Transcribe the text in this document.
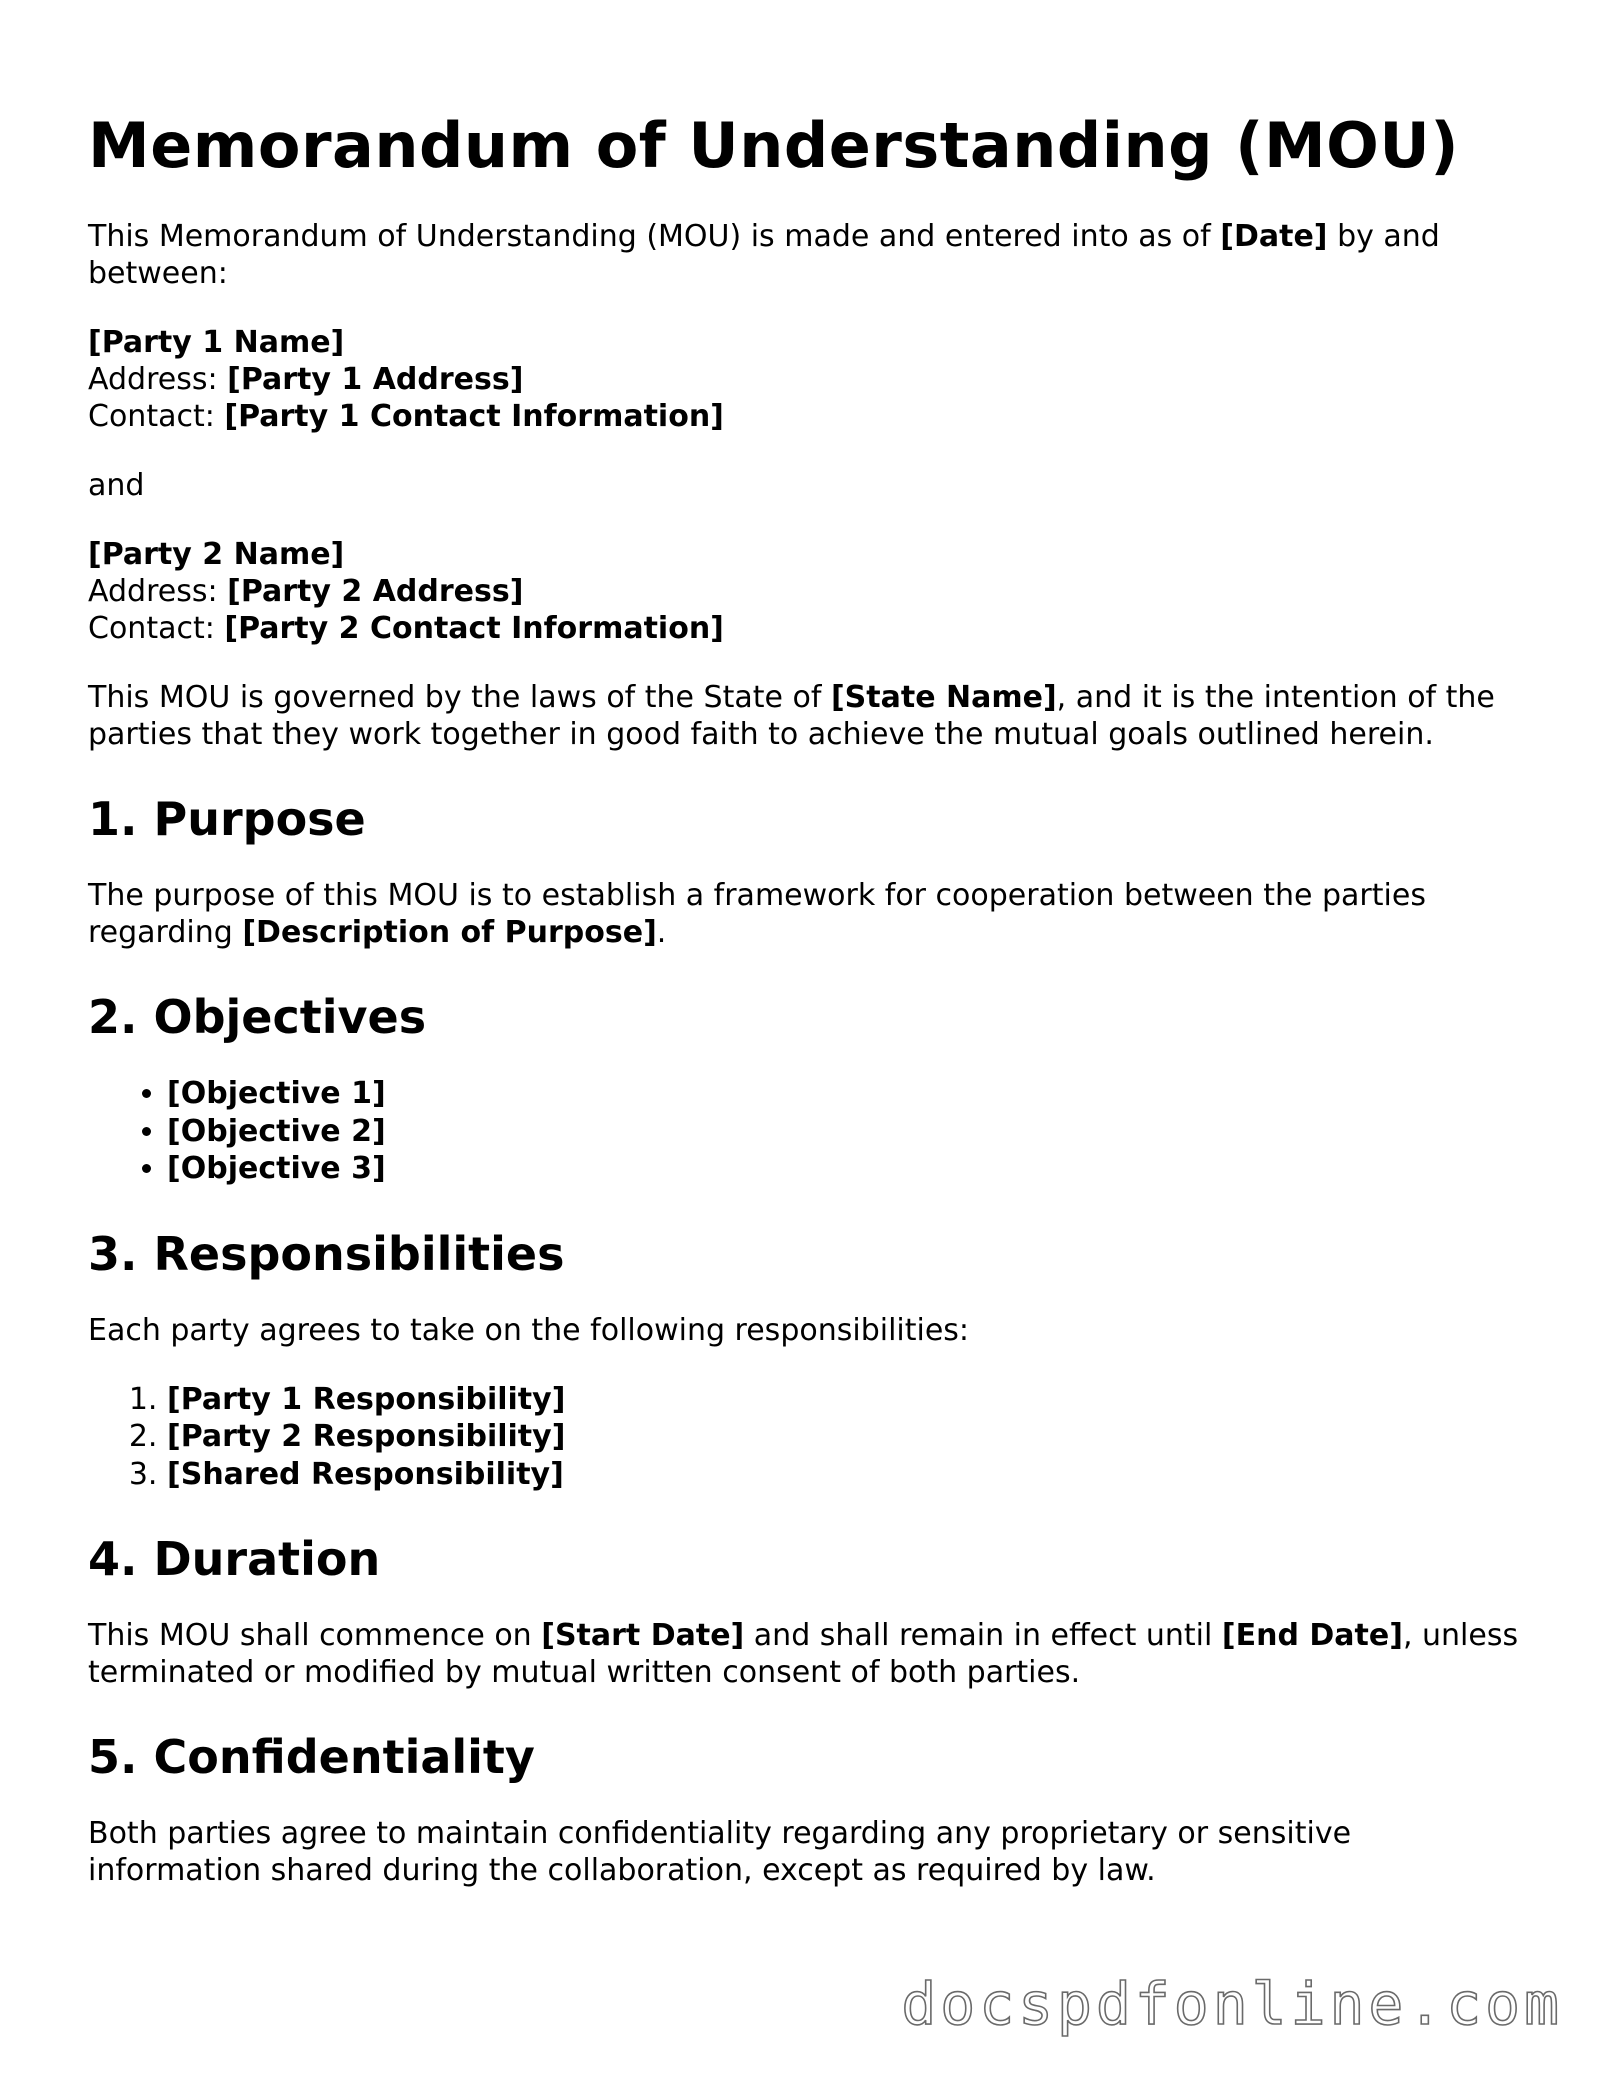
Memorandum of Understanding (MOU)

This Memorandum of Understanding (MOU) is made and entered into as of [Date] by and between:

[Party 1 Name]
Address: [Party 1 Address]
Contact: [Party 1 Contact Information]

and

[Party 2 Name]
Address: [Party 2 Address]
Contact: [Party 2 Contact Information]

This MOU is governed by the laws of the State of [State Name], and it is the intention of the parties that they work together in good faith to achieve the mutual goals outlined herein.

1. Purpose

The purpose of this MOU is to establish a framework for cooperation between the parties regarding [Description of Purpose].

2. Objectives
• [Objective 1]
• [Objective 2]
• [Objective 3]
3. Responsibilities

Each party agrees to take on the following responsibilities:

1. [Party 1 Responsibility]
2. [Party 2 Responsibility]
3. [Shared Responsibility]
4. Duration

This MOU shall commence on [Start Date] and shall remain in effect until [End Date], unless terminated or modified by mutual written consent of both parties.

5. Confidentiality

Both parties agree to maintain confidentiality regarding any proprietary or sensitive information shared during the collaboration, except as required by law.

docspdfonline.com
